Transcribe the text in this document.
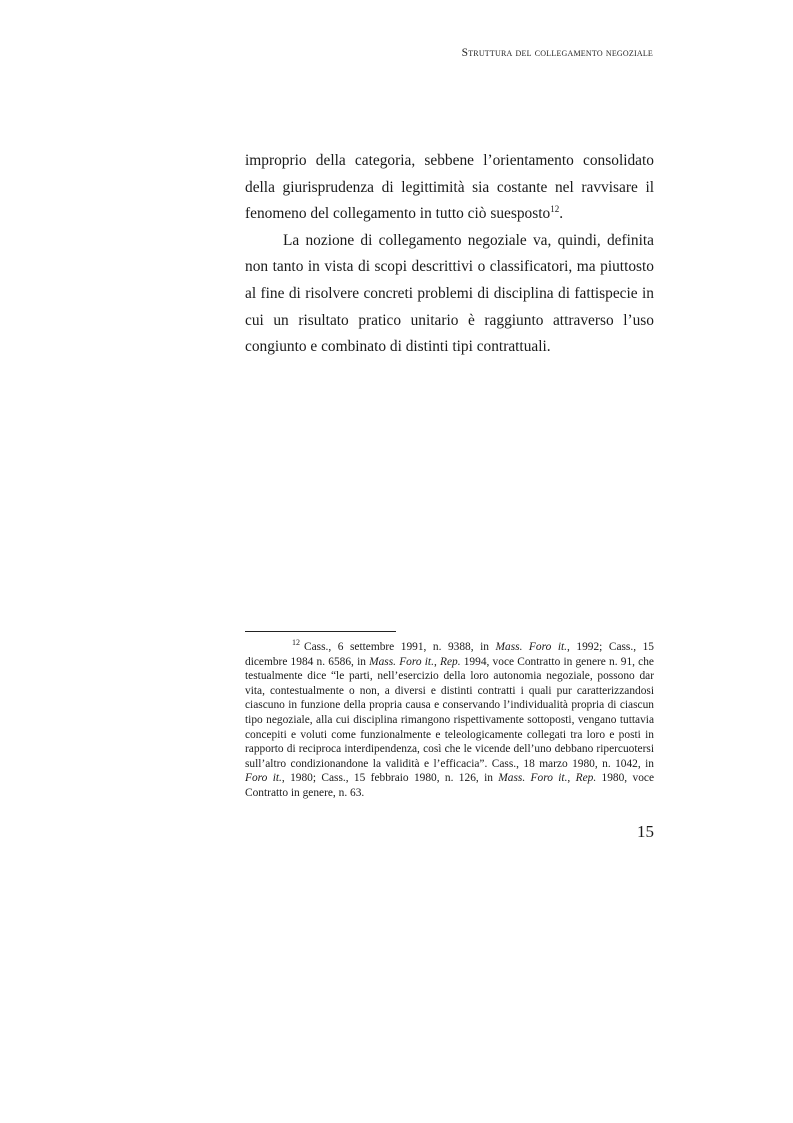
Struttura del collegamento negoziale

improprio della categoria, sebbene l’orientamento consolidato della giurisprudenza di legittimità sia costante nel ravvisare il fenomeno del collegamento in tutto ciò suesposto$^{12}$.

La nozione di collegamento negoziale va, quindi, definita non tanto in vista di scopi descrittivi o classificatori, ma piuttosto al fine di risolvere concreti problemi di disciplina di fattispecie in cui un risultato pratico unitario è raggiunto attraverso l’uso congiunto e combinato di distinti tipi contrattuali.

$^{12}$ Cass., 6 settembre 1991, n. 9388, in Mass. Foro it., 1992; Cass., 15 dicembre 1984 n. 6586, in Mass. Foro it., Rep. 1994, voce Contratto in genere n. 91, che testualmente dice “le parti, nell’esercizio della loro autonomia negoziale, possono dar vita, contestualmente o non, a diversi e distinti contratti i quali pur caratterizzandosi ciascuno in funzione della propria causa e conservando l’individualità propria di ciascun tipo negoziale, alla cui disciplina rimangono rispettivamente sottoposti, vengano tuttavia concepiti e voluti come funzionalmente e teleologicamente collegati tra loro e posti in rapporto di reciproca interdipendenza, così che le vicende dell’uno debbano ripercuotersi sull’altro condizionandone la validità e l’efficacia”. Cass., 18 marzo 1980, n. 1042, in Foro it., 1980; Cass., 15 febbraio 1980, n. 126, in Mass. Foro it., Rep. 1980, voce Contratto in genere, n. 63.

15
